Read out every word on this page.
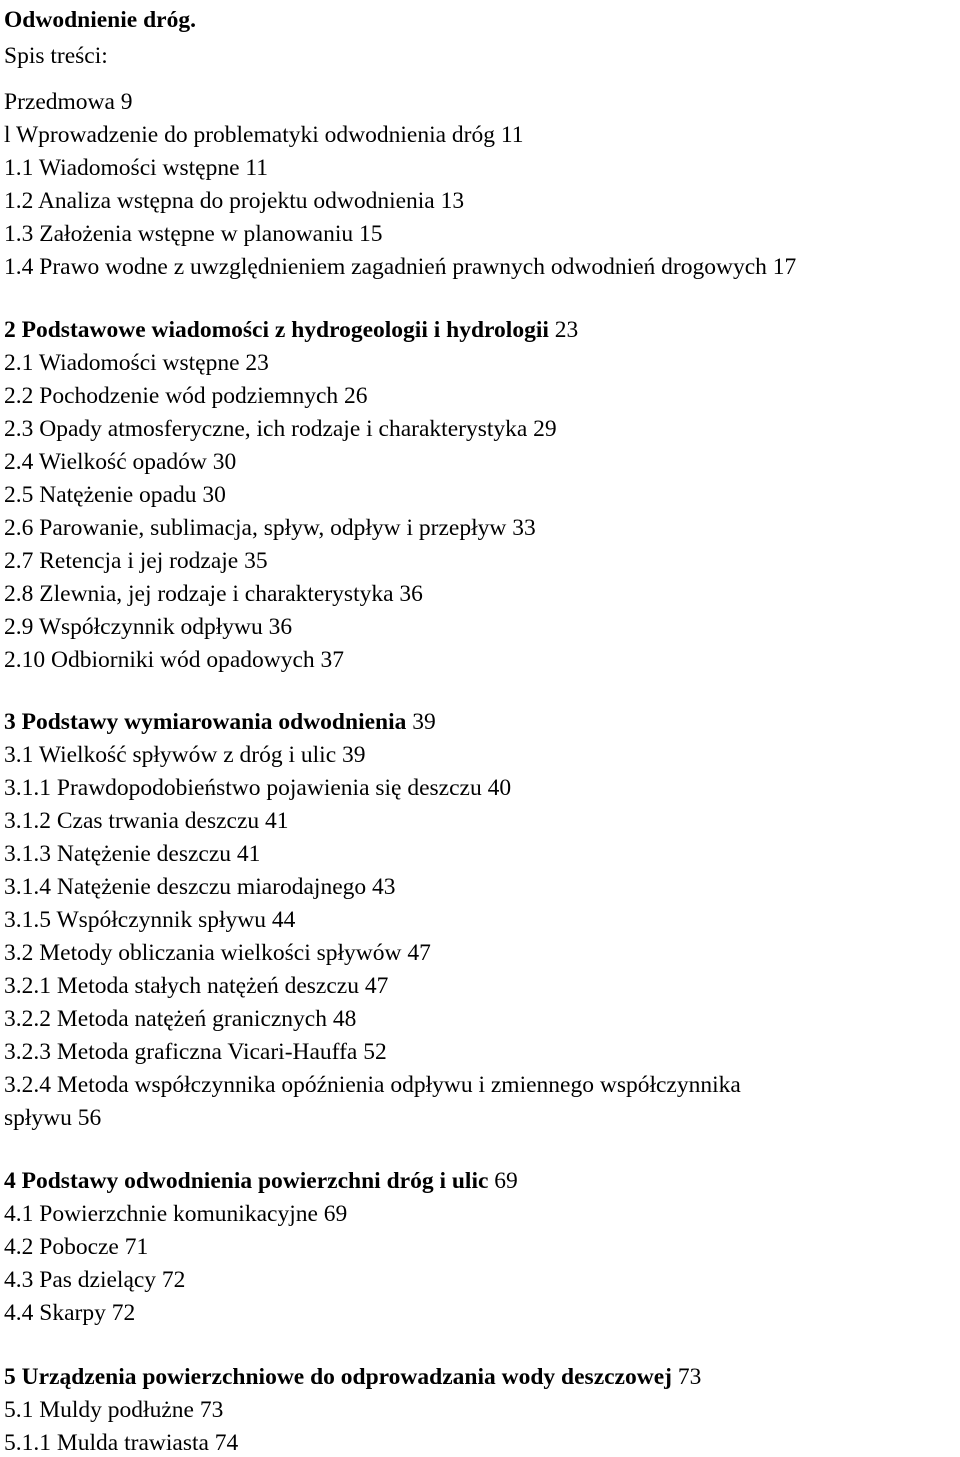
Odwodnienie dróg.
Spis treści:
Przedmowa 9
l Wprowadzenie do problematyki odwodnienia dróg 11
1.1 Wiadomości wstępne 11
1.2 Analiza wstępna do projektu odwodnienia 13
1.3 Założenia wstępne w planowaniu 15
1.4 Prawo wodne z uwzględnieniem zagadnień prawnych odwodnień drogowych 17
2 Podstawowe wiadomości z hydrogeologii i hydrologii 23
2.1 Wiadomości wstępne 23
2.2 Pochodzenie wód podziemnych 26
2.3 Opady atmosferyczne, ich rodzaje i charakterystyka 29
2.4 Wielkość opadów 30
2.5 Natężenie opadu 30
2.6 Parowanie, sublimacja, spływ, odpływ i przepływ 33
2.7 Retencja i jej rodzaje 35
2.8 Zlewnia, jej rodzaje i charakterystyka 36
2.9 Współczynnik odpływu 36
2.10 Odbiorniki wód opadowych 37
3 Podstawy wymiarowania odwodnienia 39
3.1 Wielkość spływów z dróg i ulic 39
3.1.1 Prawdopodobieństwo pojawienia się deszczu 40
3.1.2 Czas trwania deszczu 41
3.1.3 Natężenie deszczu 41
3.1.4 Natężenie deszczu miarodajnego 43
3.1.5 Współczynnik spływu 44
3.2 Metody obliczania wielkości spływów 47
3.2.1 Metoda stałych natężeń deszczu 47
3.2.2 Metoda natężeń granicznych 48
3.2.3 Metoda graficzna Vicari-Hauffa 52
3.2.4 Metoda współczynnika opóźnienia odpływu i zmiennego współczynnika
spływu 56
4 Podstawy odwodnienia powierzchni dróg i ulic 69
4.1 Powierzchnie komunikacyjne 69
4.2 Pobocze 71
4.3 Pas dzielący 72
4.4 Skarpy 72
5 Urządzenia powierzchniowe do odprowadzania wody deszczowej 73
5.1 Muldy podłużne 73
5.1.1 Mulda trawiasta 74
